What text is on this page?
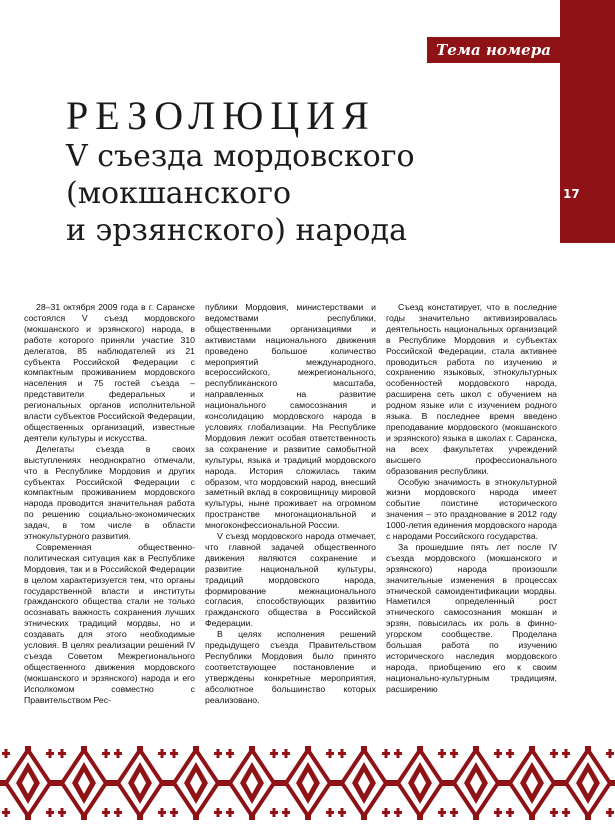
Тема номера
17
РЕЗОЛЮЦИЯ
V съезда мордовского
(мокшанского
и эрзянского) народа

28–31 октября 2009 года в г. Саранске состоялся V съезд мордовского (мокшанского и эрзянского) народа, в работе которого приняли участие 310 делегатов, 85 наблюдателей из 21 субъекта Российской Федерации с компактным проживанием мордовского населения и 75 гостей съезда – представители федеральных и региональных органов исполнительной власти субъектов Российской Федерации, общественных организаций, известные деятели культуры и искусства.

Делегаты съезда в своих выступлениях неоднократно отмечали, что в Республике Мордовия и других субъектах Российской Федерации с компактным проживанием мордовского народа проводится значительная работа по решению социально-экономических задач, в том числе в области этнокультурного развития.

Современная общественно-политическая ситуация как в Республике Мордовия, так и в Российской Федерации в целом характеризуется тем, что органы государственной власти и институты гражданского общества стали не только осознавать важность сохранения лучших этнических традиций мордвы, но и создавать для этого необходимые условия. В целях реализации решений IV съезда Советом Межрегионального общественного движения мордовского (мокшанского и эрзянского) народа и его Исполкомом совместно с Правительством Рес-

публики Мордовия, министерствами и ведомствами республики, общественными организациями и активистами национального движения проведено большое количество мероприятий международного, всероссийского, межрегионального, республиканского масштаба, направленных на развитие национального самосознания и консолидацию мордовского народа в условиях глобализации. На Республике Мордовия лежит особая ответственность за сохранение и развитие самобытной культуры, языка и традиций мордовского народа. История сложилась таким образом, что мордовский народ, внесший заметный вклад в сокровищницу мировой культуры, ныне проживает на огромном пространстве многонациональной и многоконфессиональной России.

V съезд мордовского народа отмечает, что главной задачей общественного движения являются сохранение и развитие национальной культуры, традиций мордовского народа, формирование межнационального согласия, способствующих развитию гражданского общества в Российской Федерации.

В целях исполнения решений предыдущего съезда Правительством Республики Мордовия было принято соответствующее постановление и утверждены конкретные мероприятия, абсолютное большинство которых реализовано.

Съезд констатирует, что в последние годы значительно активизировалась деятельность национальных организаций в Республике Мордовия и субъектах Российской Федерации, стала активнее проводиться работа по изучению и сохранению языковых, этнокультурных особенностей мордовского народа, расширена сеть школ с обучением на родном языке или с изучением родного языка. В последнее время введено преподавание мордовского (мокшанского и эрзянского) языка в школах г. Саранска, на всех факультетах учреждений высшего профессионального образования республики.

Особую значимость в этнокультурной жизни мордовского народа имеет событие поистине исторического значения – это празднование в 2012 году 1000-летия единения мордовского народа с народами Российского государства.

За прошедшие пять лет после IV съезда мордовского (мокшанского и эрзянского) народа произошли значительные изменения в процессах этнической самоидентификации мордвы. Наметился определенный рост этнического самосознания мокшан и эрзян, повысилась их роль в финно-угорском сообществе. Проделана большая работа по изучению исторического наследия мордовского народа, приобщению его к своим национально-культурным традициям, расширению
